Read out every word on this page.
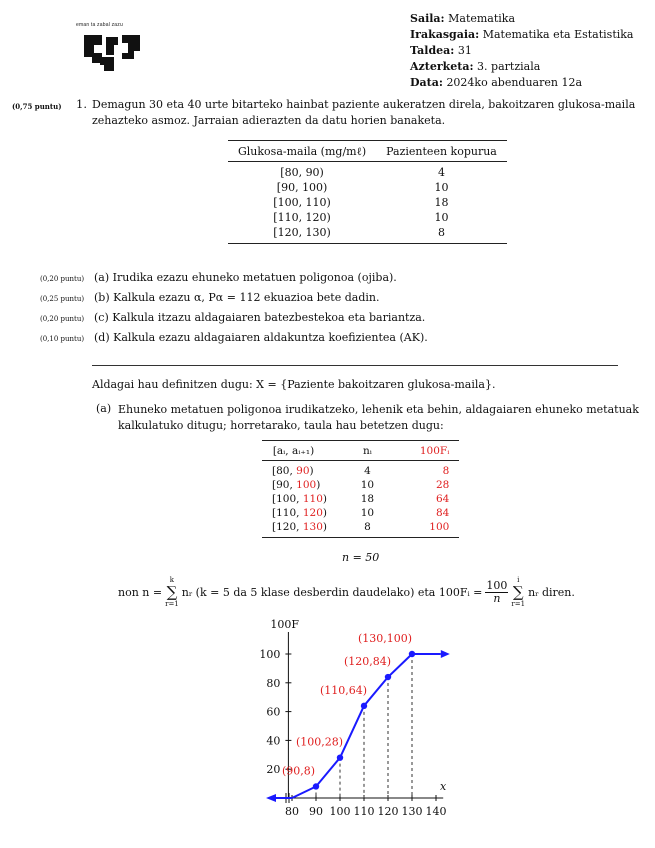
eman ta zabal zazu	Saila: Matematika
Irakasgaia: Matematika eta Estatistika
Taldea: 31
Azterketa: 3. partziala
Data: 2024ko abenduaren 12a
(0,75 puntu) 1. Demagun 30 eta 40 urte bitarteko hainbat paziente aukeratzen direla, bakoitzaren glukosa-maila
zehazteko asmoz. Jarraian adierazten da datu horien banaketa.
Glukosa-maila (mg/mℓ)	Pazienteen kopurua
[80, 90)	4
[90, 100)	10
[100, 110)	18
[110, 120)	10
[120, 130)	8
(0,20 puntu) (a) Irudika ezazu ehuneko metatuen poligonoa (ojiba).
(0,25 puntu) (b) Kalkula ezazu α, Pα = 112 ekuazioa bete dadin.
(0,20 puntu) (c) Kalkula itzazu aldagaiaren batezbestekoa eta bariantza.
(0,10 puntu) (d) Kalkula ezazu aldagaiaren aldakuntza koefizientea (AK).
Aldagai hau definitzen dugu: X = {Paziente bakoitzaren glukosa-maila}.
(a) Ehuneko metatuen poligonoa irudikatzeko, lehenik eta behin, aldagaiaren ehuneko metatuak
kalkulatuko ditugu; horretarako, taula hau betetzen dugu:
[aᵢ, aᵢ₊₁)	nᵢ	100Fᵢ
[80, 90)	4	8
[90, 100)	10	28
[100, 110)	18	64
[110, 120)	10	84
[120, 130)	8	100
n = 50
non n =
k
∑
r=1
nᵣ (k = 5 da 5 klase desberdin daudelako) eta 100Fᵢ = $\frac{100}{n}$ i
∑
r=1
nᵣ diren.
20
40
60
80
100
100F
80 90 100 110 120 130 140
x
(90,8)
(100,28)
(110,64)
(120,84)
(130,100)
